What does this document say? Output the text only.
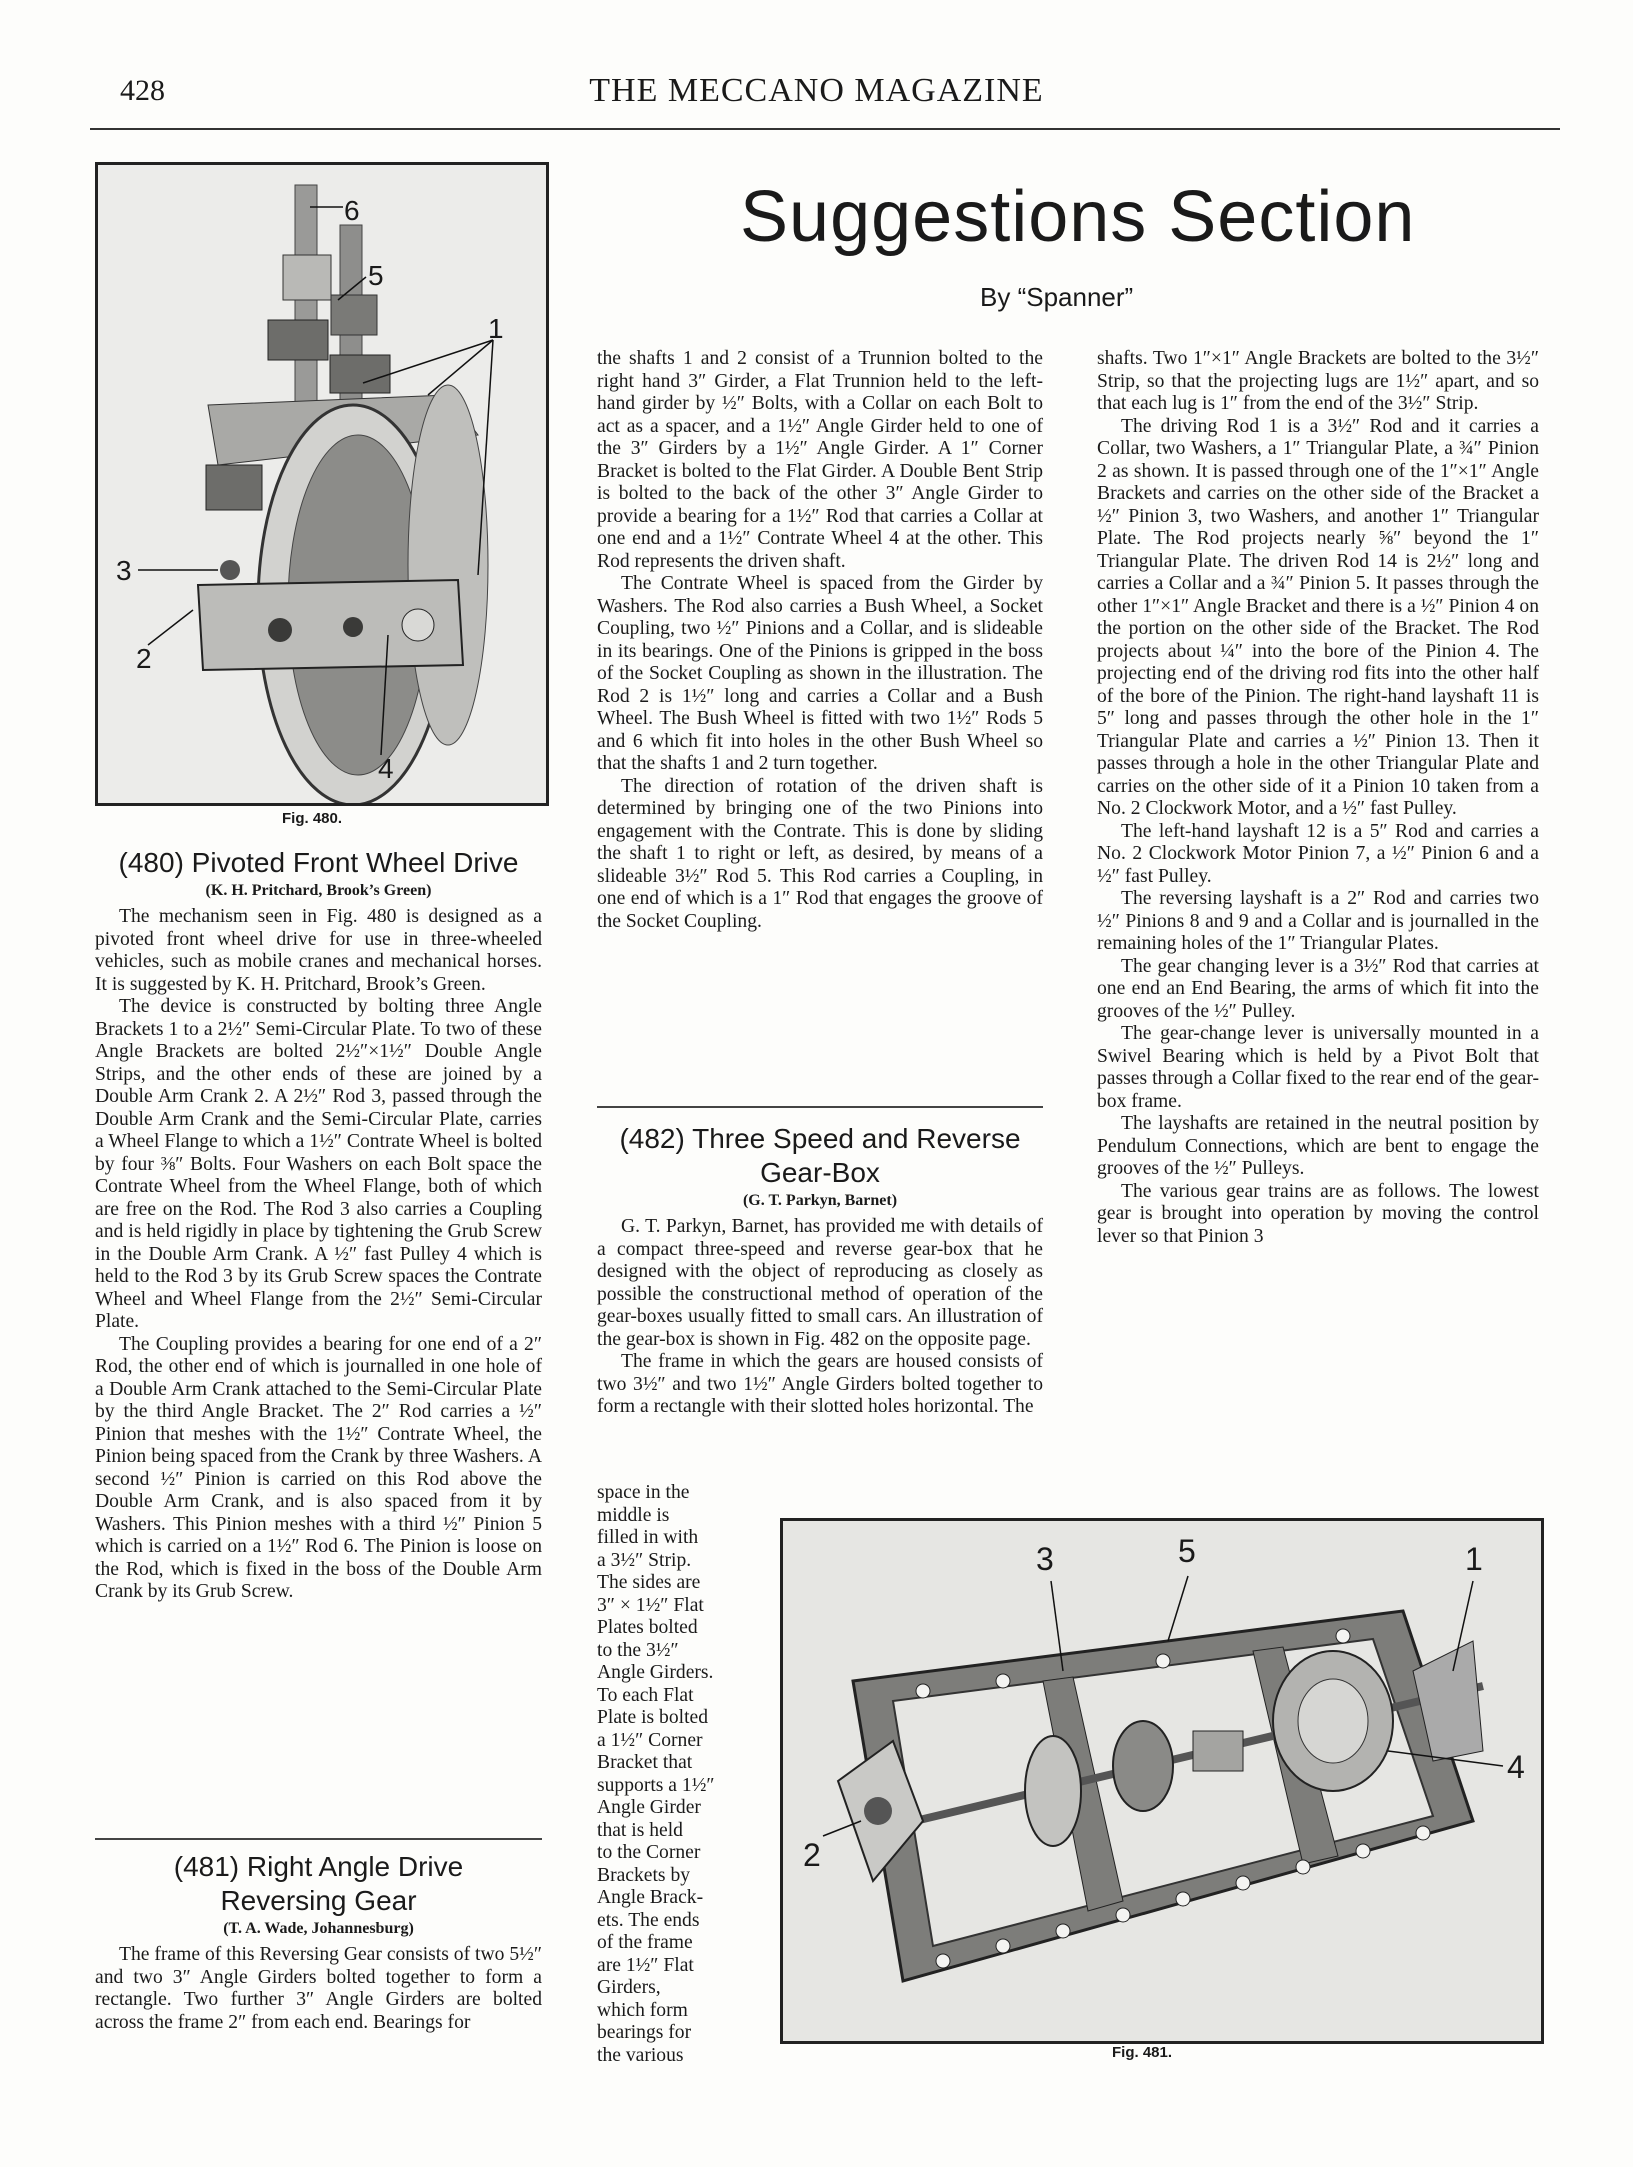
428	THE MECCANO MAGAZINE
6
5
1
3
2
4
Fig. 480.
Suggestions Section
By “Spanner”
(480) Pivoted Front Wheel Drive
(K. H. Pritchard, Brook’s Green)

The mechanism seen in Fig. 480 is designed as a pivoted front wheel drive for use in three-wheeled vehicles, such as mobile cranes and mechanical horses. It is suggested by K. H. Pritchard, Brook’s Green.

The device is constructed by bolting three Angle Brackets 1 to a 2½″ Semi-Circular Plate. To two of these Angle Brackets are bolted 2½″×1½″ Double Angle Strips, and the other ends of these are joined by a Double Arm Crank 2. A 2½″ Rod 3, passed through the Double Arm Crank and the Semi-Circular Plate, carries a Wheel Flange to which a 1½″ Contrate Wheel is bolted by four ⅜″ Bolts. Four Washers on each Bolt space the Contrate Wheel from the Wheel Flange, both of which are free on the Rod. The Rod 3 also carries a Coupling and is held rigidly in place by tightening the Grub Screw in the Double Arm Crank. A ½″ fast Pulley 4 which is held to the Rod 3 by its Grub Screw spaces the Contrate Wheel and Wheel Flange from the 2½″ Semi-Circular Plate.

The Coupling provides a bearing for one end of a 2″ Rod, the other end of which is journalled in one hole of a Double Arm Crank attached to the Semi-Circular Plate by the third Angle Bracket. The 2″ Rod carries a ½″ Pinion that meshes with the 1½″ Contrate Wheel, the Pinion being spaced from the Crank by three Washers. A second ½″ Pinion is carried on this Rod above the Double Arm Crank, and is also spaced from it by Washers. This Pinion meshes with a third ½″ Pinion 5 which is carried on a 1½″ Rod 6. The Pinion is loose on the Rod, which is fixed in the boss of the Double Arm Crank by its Grub Screw.

(481) Right Angle Drive
Reversing Gear
(T. A. Wade, Johannesburg)

The frame of this Reversing Gear consists of two 5½″ and two 3″ Angle Girders bolted together to form a rectangle. Two further 3″ Angle Girders are bolted across the frame 2″ from each end. Bearings for

the shafts 1 and 2 consist of a Trunnion bolted to the right hand 3″ Girder, a Flat Trunnion held to the left-hand girder by ½″ Bolts, with a Collar on each Bolt to act as a spacer, and a 1½″ Angle Girder held to one of the 3″ Girders by a 1½″ Angle Girder. A 1″ Corner Bracket is bolted to the Flat Girder. A Double Bent Strip is bolted to the back of the other 3″ Angle Girder to provide a bearing for a 1½″ Rod that carries a Collar at one end and a 1½″ Contrate Wheel 4 at the other. This Rod represents the driven shaft.

The Contrate Wheel is spaced from the Girder by Washers. The Rod also carries a Bush Wheel, a Socket Coupling, two ½″ Pinions and a Collar, and is slideable in its bearings. One of the Pinions is gripped in the boss of the Socket Coupling as shown in the illustration. The Rod 2 is 1½″ long and carries a Collar and a Bush Wheel. The Bush Wheel is fitted with two 1½″ Rods 5 and 6 which fit into holes in the other Bush Wheel so that the shafts 1 and 2 turn together.

The direction of rotation of the driven shaft is determined by bringing one of the two Pinions into engagement with the Contrate. This is done by sliding the shaft 1 to right or left, as desired, by means of a slideable 3½″ Rod 5. This Rod carries a Coupling, in one end of which is a 1″ Rod that engages the groove of the Socket Coupling.

(482) Three Speed and Reverse
Gear-Box
(G. T. Parkyn, Barnet)

G. T. Parkyn, Barnet, has provided me with details of a compact three-speed and reverse gear-box that he designed with the object of reproducing as closely as possible the constructional method of operation of the gear-boxes usually fitted to small cars. An illustration of the gear-box is shown in Fig. 482 on the opposite page.

The frame in which the gears are housed consists of two 3½″ and two 1½″ Angle Girders bolted together to form a rectangle with their slotted holes horizontal. The

space in the
middle is
filled in with
a 3½″ Strip.
The sides are
3″ × 1½″ Flat
Plates bolted
to the 3½″
Angle Girders.
To each Flat
Plate is bolted
a 1½″ Corner
Bracket that
supports a 1½″
Angle Girder
that is held
to the Corner
Brackets by
Angle Brack-
ets. The ends
of the frame
are 1½″ Flat
Girders,
which form
bearings for
the various

shafts. Two 1″×1″ Angle Brackets are bolted to the 3½″ Strip, so that the projecting lugs are 1½″ apart, and so that each lug is 1″ from the end of the 3½″ Strip.

The driving Rod 1 is a 3½″ Rod and it carries a Collar, two Washers, a 1″ Triangular Plate, a ¾″ Pinion 2 as shown. It is passed through one of the 1″×1″ Angle Brackets and carries on the other side of the Bracket a ½″ Pinion 3, two Washers, and another 1″ Triangular Plate. The Rod projects nearly ⅝″ beyond the 1″ Triangular Plate. The driven Rod 14 is 2½″ long and carries a Collar and a ¾″ Pinion 5. It passes through the other 1″×1″ Angle Bracket and there is a ½″ Pinion 4 on the portion on the other side of the Bracket. The Rod projects about ¼″ into the bore of the Pinion 4. The projecting end of the driving rod fits into the other half of the bore of the Pinion. The right-hand layshaft 11 is 5″ long and passes through the other hole in the 1″ Triangular Plate and carries a ½″ Pinion 13. Then it passes through a hole in the other Triangular Plate and carries on the other side of it a Pinion 10 taken from a No. 2 Clockwork Motor, and a ½″ fast Pulley.

The left-hand layshaft 12 is a 5″ Rod and carries a No. 2 Clockwork Motor Pinion 7, a ½″ Pinion 6 and a ½″ fast Pulley.

The reversing layshaft is a 2″ Rod and carries two ½″ Pinions 8 and 9 and a Collar and is journalled in the remaining holes of the 1″ Triangular Plates.

The gear changing lever is a 3½″ Rod that carries at one end an End Bearing, the arms of which fit into the grooves of the ½″ Pulley.

The gear-change lever is universally mounted in a Swivel Bearing which is held by a Pivot Bolt that passes through a Collar fixed to the rear end of the gear-box frame.

The layshafts are retained in the neutral position by Pendulum Connections, which are bent to engage the grooves of the ½″ Pulleys.

The various gear trains are as follows. The lowest gear is brought into operation by moving the control lever so that Pinion 3

3	5	1
2
4
Fig. 481.
